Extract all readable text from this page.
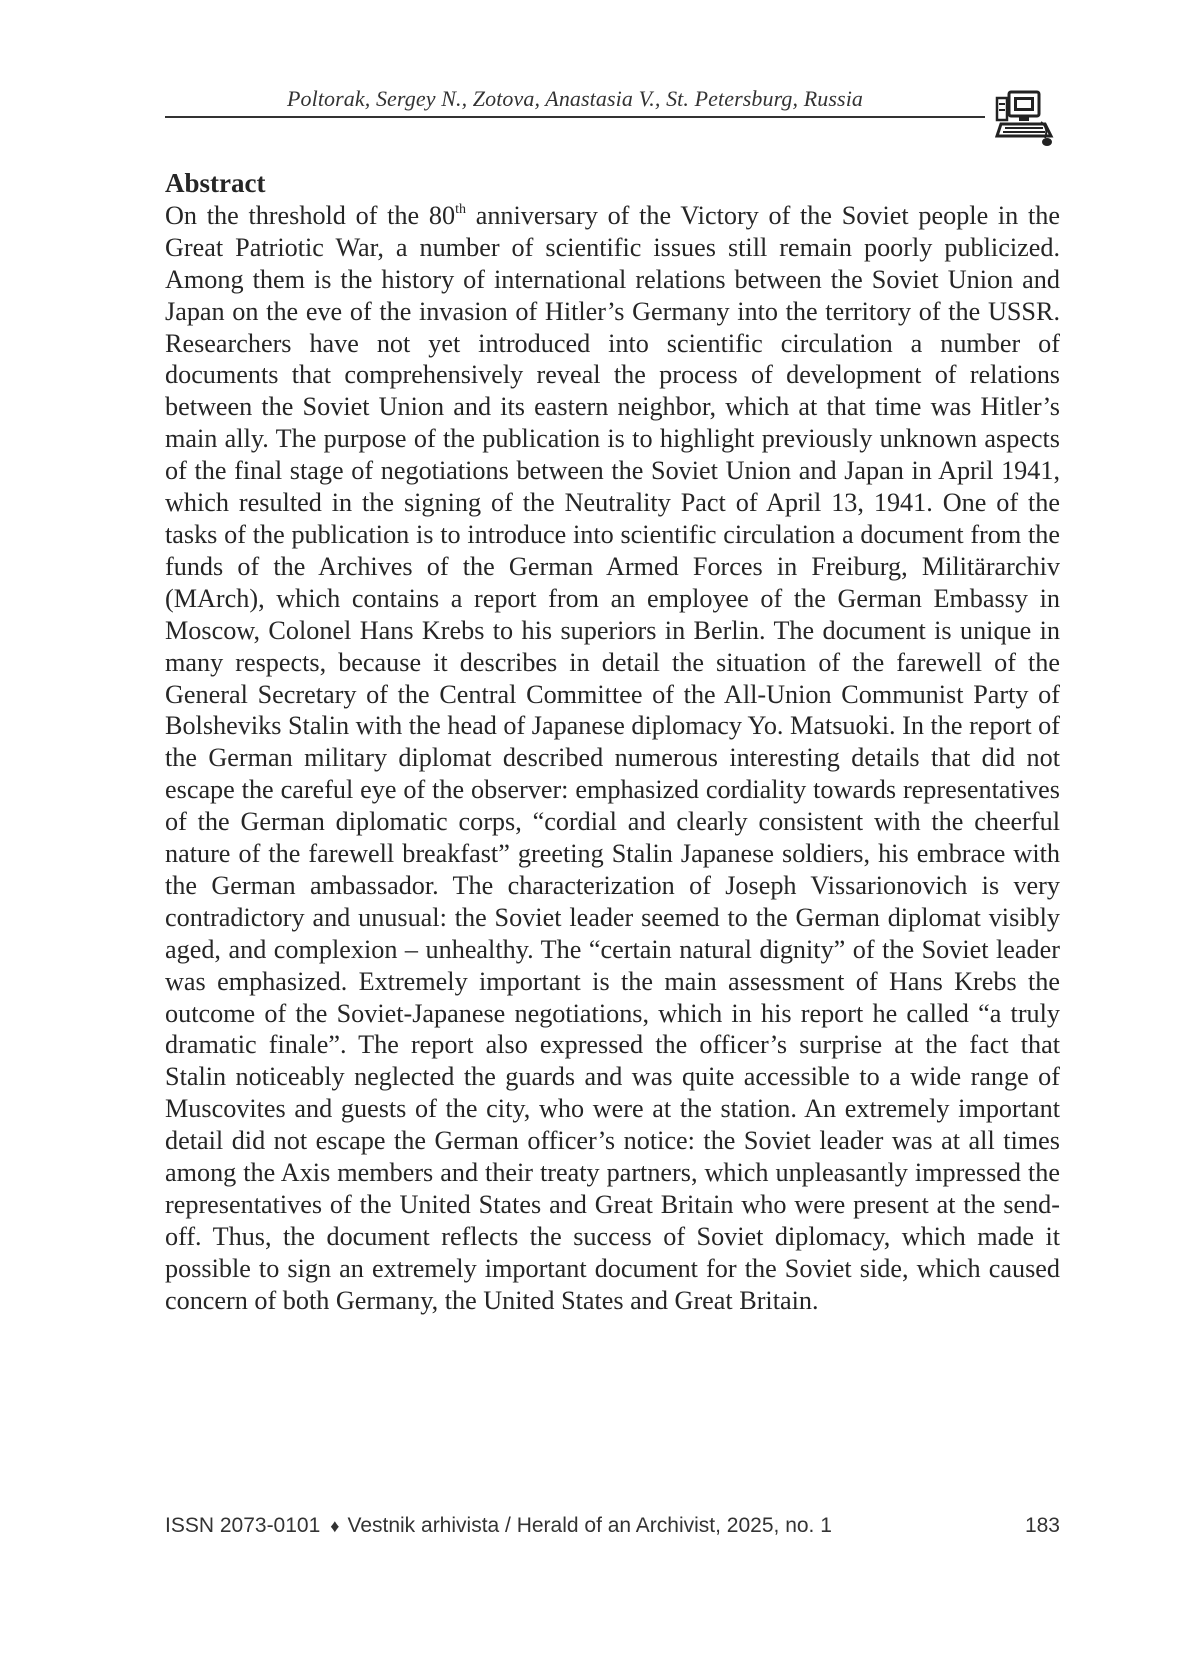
Poltorak, Sergey N., Zotova, Anastasia V., St. Petersburg, Russia
Abstract
On the threshold of the 80th anniversary of the Victory of the Soviet people in the Great Patriotic War, a number of scientific issues still remain poorly publicized. Among them is the history of international relations between the Soviet Union and Japan on the eve of the invasion of Hitler’s Germany into the territory of the USSR. Researchers have not yet introduced into scientific circulation a number of documents that comprehensively reveal the process of development of relations between the Soviet Union and its eastern neighbor, which at that time was Hitler’s main ally. The purpose of the publication is to highlight previously unknown aspects of the final stage of negotiations between the Soviet Union and Japan in April 1941, which resulted in the signing of the Neutrality Pact of April 13, 1941. One of the tasks of the publication is to introduce into scientific circulation a document from the funds of the Archives of the German Armed Forces in Freiburg, Militärarchiv (MArch), which contains a report from an employee of the German Embassy in Moscow, Colonel Hans Krebs to his superiors in Berlin. The document is unique in many respects, because it describes in detail the situation of the farewell of the General Secretary of the Central Committee of the All-Union Communist Party of Bolsheviks Stalin with the head of Japanese diplomacy Yo. Matsuoki. In the report of the German military diplomat described numerous interesting details that did not escape the careful eye of the observer: emphasized cordiality towards representatives of the German diplomatic corps, “cordial and clearly consistent with the cheerful nature of the farewell breakfast” greeting Stalin Japanese soldiers, his embrace with the German ambassador. The characterization of Joseph Vissarionovich is very contradictory and unusual: the Soviet leader seemed to the German diplomat visibly aged, and complexion – unhealthy. The “certain natural dignity” of the Soviet leader was emphasized. Extremely important is the main assessment of Hans Krebs the outcome of the Soviet-Japanese negotiations, which in his report he called “a truly dramatic finale”. The report also expressed the officer’s surprise at the fact that Stalin noticeably neglected the guards and was quite accessible to a wide range of Muscovites and guests of the city, who were at the station. An extremely important detail did not escape the German officer’s notice: the Soviet leader was at all times among the Axis members and their treaty partners, which unpleasantly impressed the representatives of the United States and Great Britain who were present at the send-off. Thus, the document reflects the success of Soviet diplomacy, which made it possible to sign an extremely important document for the Soviet side, which caused concern of both Germany, the United States and Great Britain.
ISSN 2073-0101 ♦ Vestnik arhivista / Herald of an Archivist, 2025, no. 1	183
